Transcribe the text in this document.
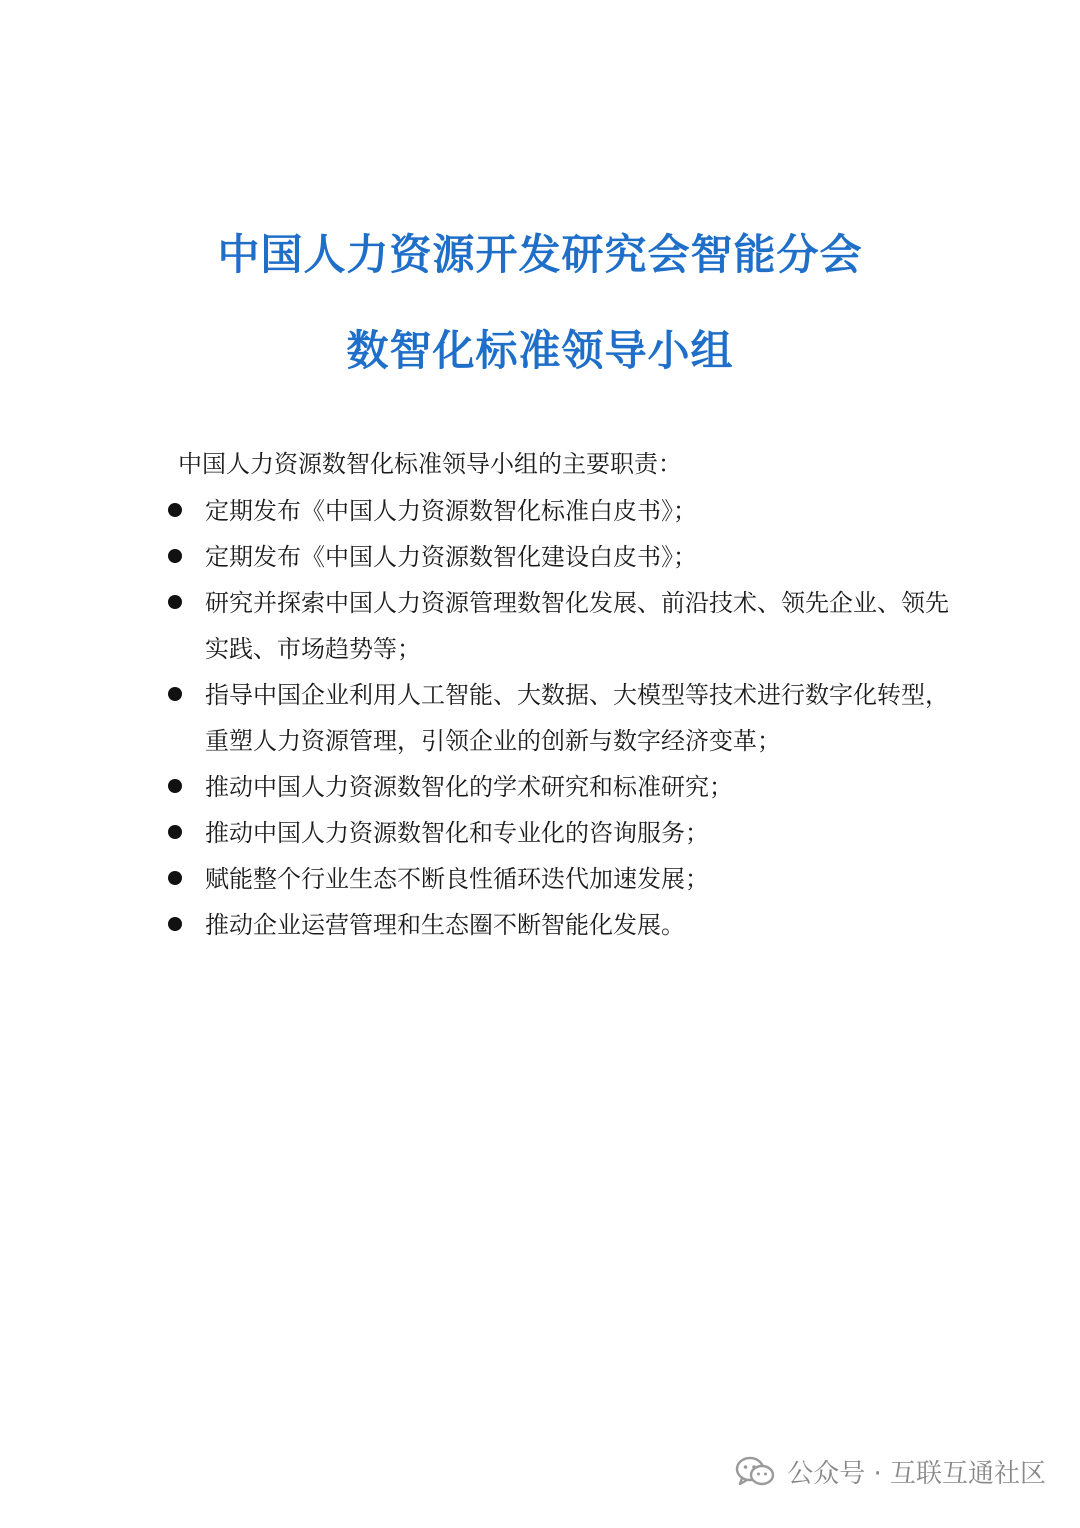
中国人力资源开发研究会智能分会
数智化标准领导小组
中国人力资源数智化标准领导小组的主要职责：
定期发布《中国人力资源数智化标准白皮书》；
定期发布《中国人力资源数智化建设白皮书》；
研究并探索中国人力资源管理数智化发展、前沿技术、领先企业、领先实践、市场趋势等；
指导中国企业利用人工智能、大数据、大模型等技术进行数字化转型，重塑人力资源管理，引领企业的创新与数字经济变革；
推动中国人力资源数智化的学术研究和标准研究；
推动中国人力资源数智化和专业化的咨询服务；
赋能整个行业生态不断良性循环迭代加速发展；
推动企业运营管理和生态圈不断智能化发展。
公众号 · 互联互通社区
